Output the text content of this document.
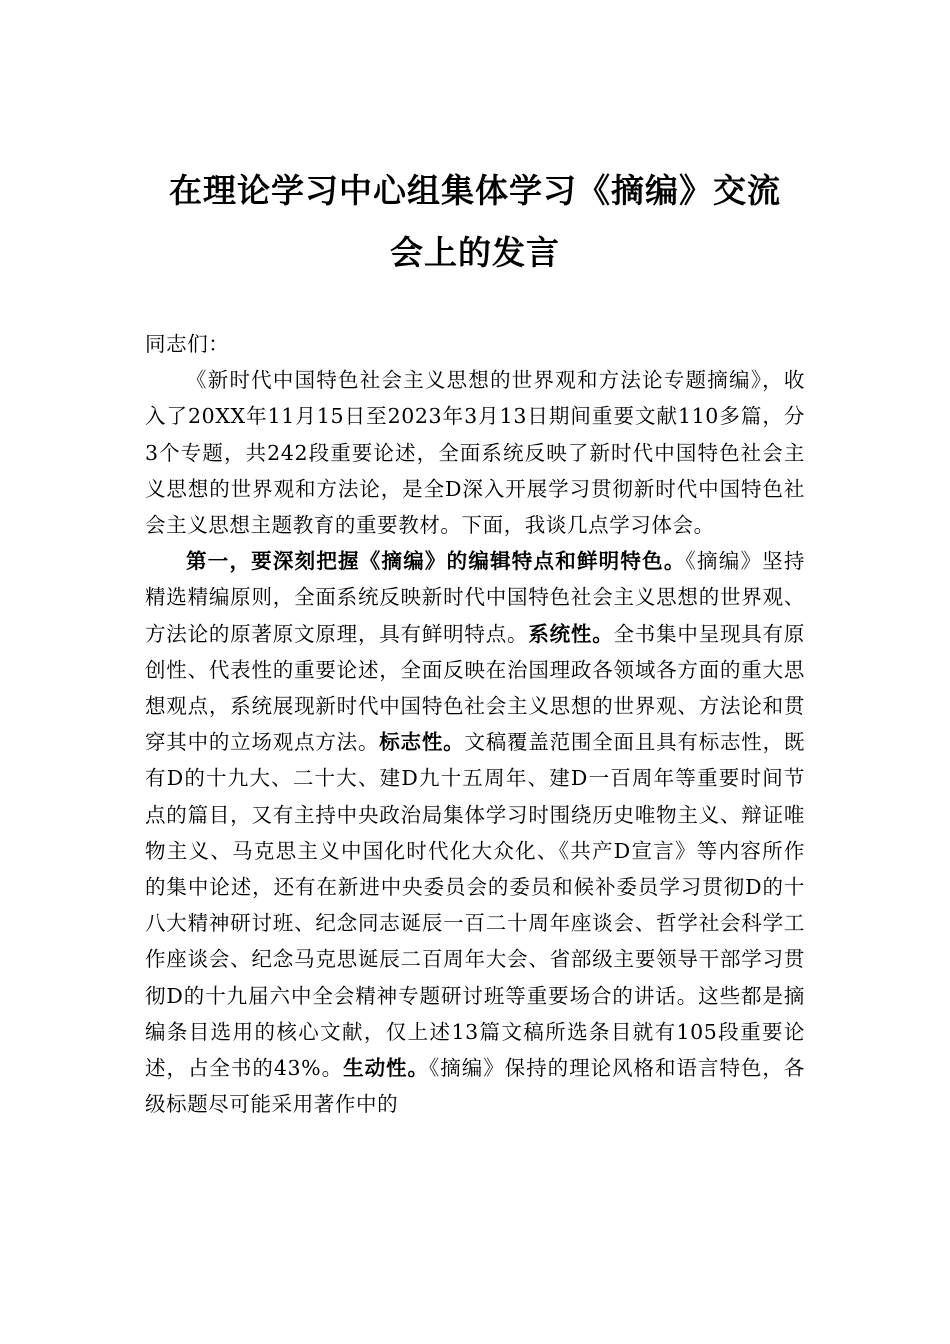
在理论学习中心组集体学习《摘编》交流
会上的发言

同志们：

《新时代中国特色社会主义思想的世界观和方法论专题摘编》，收入了20XX年11月15日至2023年3月13日期间重要文献110多篇，分3个专题，共242段重要论述，全面系统反映了新时代中国特色社会主义思想的世界观和方法论，是全D深入开展学习贯彻新时代中国特色社会主义思想主题教育的重要教材。下面，我谈几点学习体会。

第一，要深刻把握《摘编》的编辑特点和鲜明特色。《摘编》坚持精选精编原则，全面系统反映新时代中国特色社会主义思想的世界观、方法论的原著原文原理，具有鲜明特点。系统性。全书集中呈现具有原创性、代表性的重要论述，全面反映在治国理政各领域各方面的重大思想观点，系统展现新时代中国特色社会主义思想的世界观、方法论和贯穿其中的立场观点方法。标志性。文稿覆盖范围全面且具有标志性，既有D的十九大、二十大、建D九十五周年、建D一百周年等重要时间节点的篇目，又有主持中央政治局集体学习时围绕历史唯物主义、辩证唯物主义、马克思主义中国化时代化大众化、《共产D宣言》等内容所作的集中论述，还有在新进中央委员会的委员和候补委员学习贯彻D的十八大精神研讨班、纪念同志诞辰一百二十周年座谈会、哲学社会科学工作座谈会、纪念马克思诞辰二百周年大会、省部级主要领导干部学习贯彻D的十九届六中全会精神专题研讨班等重要场合的讲话。这些都是摘编条目选用的核心文献，仅上述13篇文稿所选条目就有105段重要论述，占全书的43%。生动性。《摘编》保持的理论风格和语言特色，各级标题尽可能采用著作中的
